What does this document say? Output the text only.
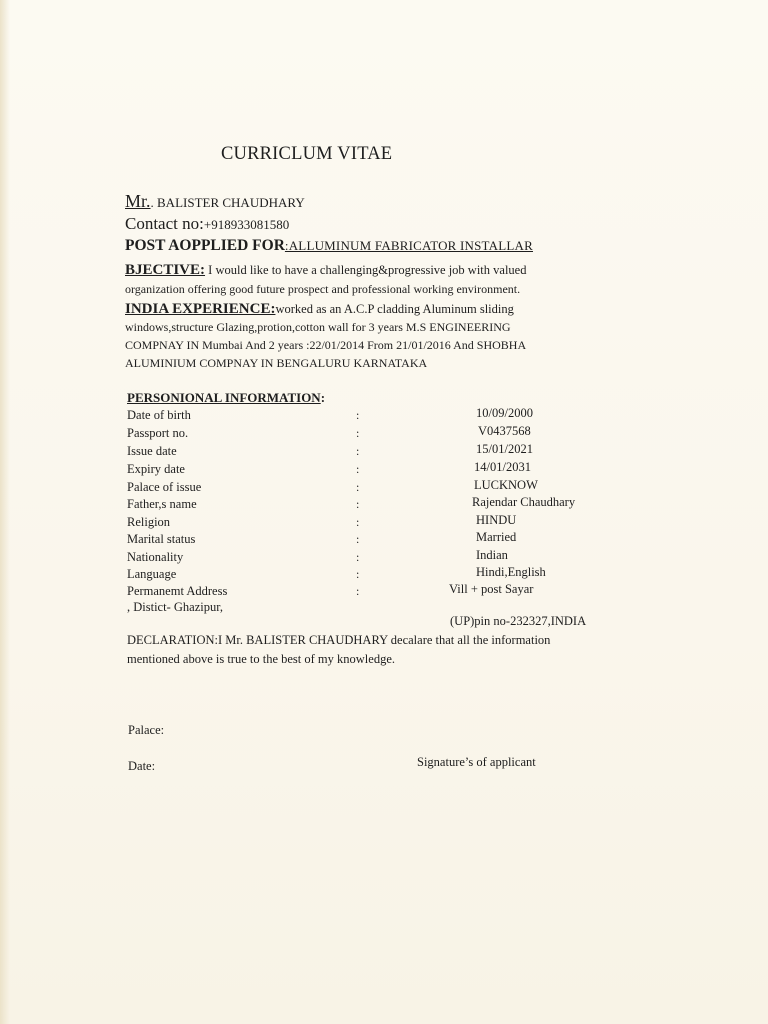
CURRICLUM VITAE
Mr.. BALISTER CHAUDHARY
Contact no:+918933081580
POST AOPPLIED FOR:ALLUMINUM FABRICATOR INSTALLAR
BJECTIVE: I would like to have a challenging&progressive job with valued
organization offering good future prospect and professional working environment.
INDIA EXPERIENCE:worked as an A.C.P cladding Aluminum sliding
windows,structure Glazing,protion,cotton wall for 3 years M.S ENGINEERING
COMPNAY IN Mumbai And 2 years :22/01/2014 From 21/01/2016 And SHOBHA
ALUMINIUM COMPNAY IN BENGALURU KARNATAKA
PERSONIONAL INFORMATION:
Date of birth	:	10/09/2000
Passport no.	:	V0437568
Issue date	:	15/01/2021
Expiry date	:	14/01/2031
Palace of issue	:	LUCKNOW
Father,s name	:	Rajendar Chaudhary
Religion	:	HINDU
Marital status	:	Married
Nationality	:	Indian
Language	:	Hindi,English
Permanemt Address	:	Vill + post Sayar
, Distict- Ghazipur,
(UP)pin no-232327,INDIA
DECLARATION:I Mr. BALISTER CHAUDHARY decalare that all the information
mentioned above is true to the best of my knowledge.
Palace:
Date:	Signature’s of applicant
